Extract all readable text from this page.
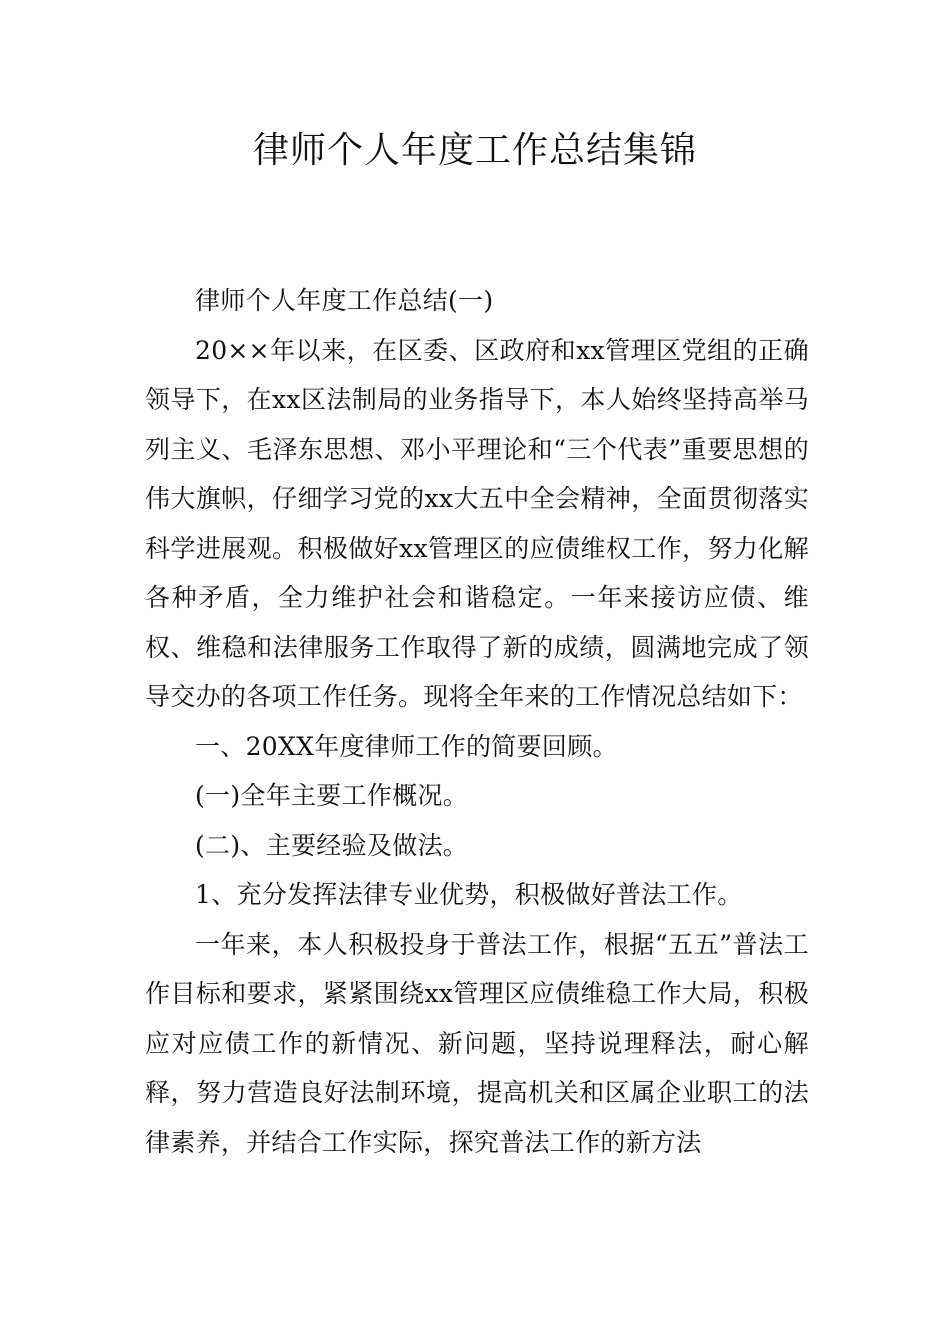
律师个人年度工作总结集锦

律师个人年度工作总结(一)

20××年以来，在区委、区政府和xx管理区党组的正确领导下，在xx区法制局的业务指导下，本人始终坚持高举马列主义、毛泽东思想、邓小平理论和“三个代表”重要思想的伟大旗帜，仔细学习党的xx大五中全会精神，全面贯彻落实科学进展观。积极做好xx管理区的应债维权工作，努力化解各种矛盾，全力维护社会和谐稳定。一年来接访应债、维权、维稳和法律服务工作取得了新的成绩，圆满地完成了领导交办的各项工作任务。现将全年来的工作情况总结如下：

一、20XX年度律师工作的简要回顾。

(一)全年主要工作概况。

(二)、主要经验及做法。

1、充分发挥法律专业优势，积极做好普法工作。

一年来，本人积极投身于普法工作，根据“五五”普法工作目标和要求，紧紧围绕xx管理区应债维稳工作大局，积极应对应债工作的新情况、新问题，坚持说理释法，耐心解释，努力营造良好法制环境，提高机关和区属企业职工的法律素养，并结合工作实际，探究普法工作的新方法
